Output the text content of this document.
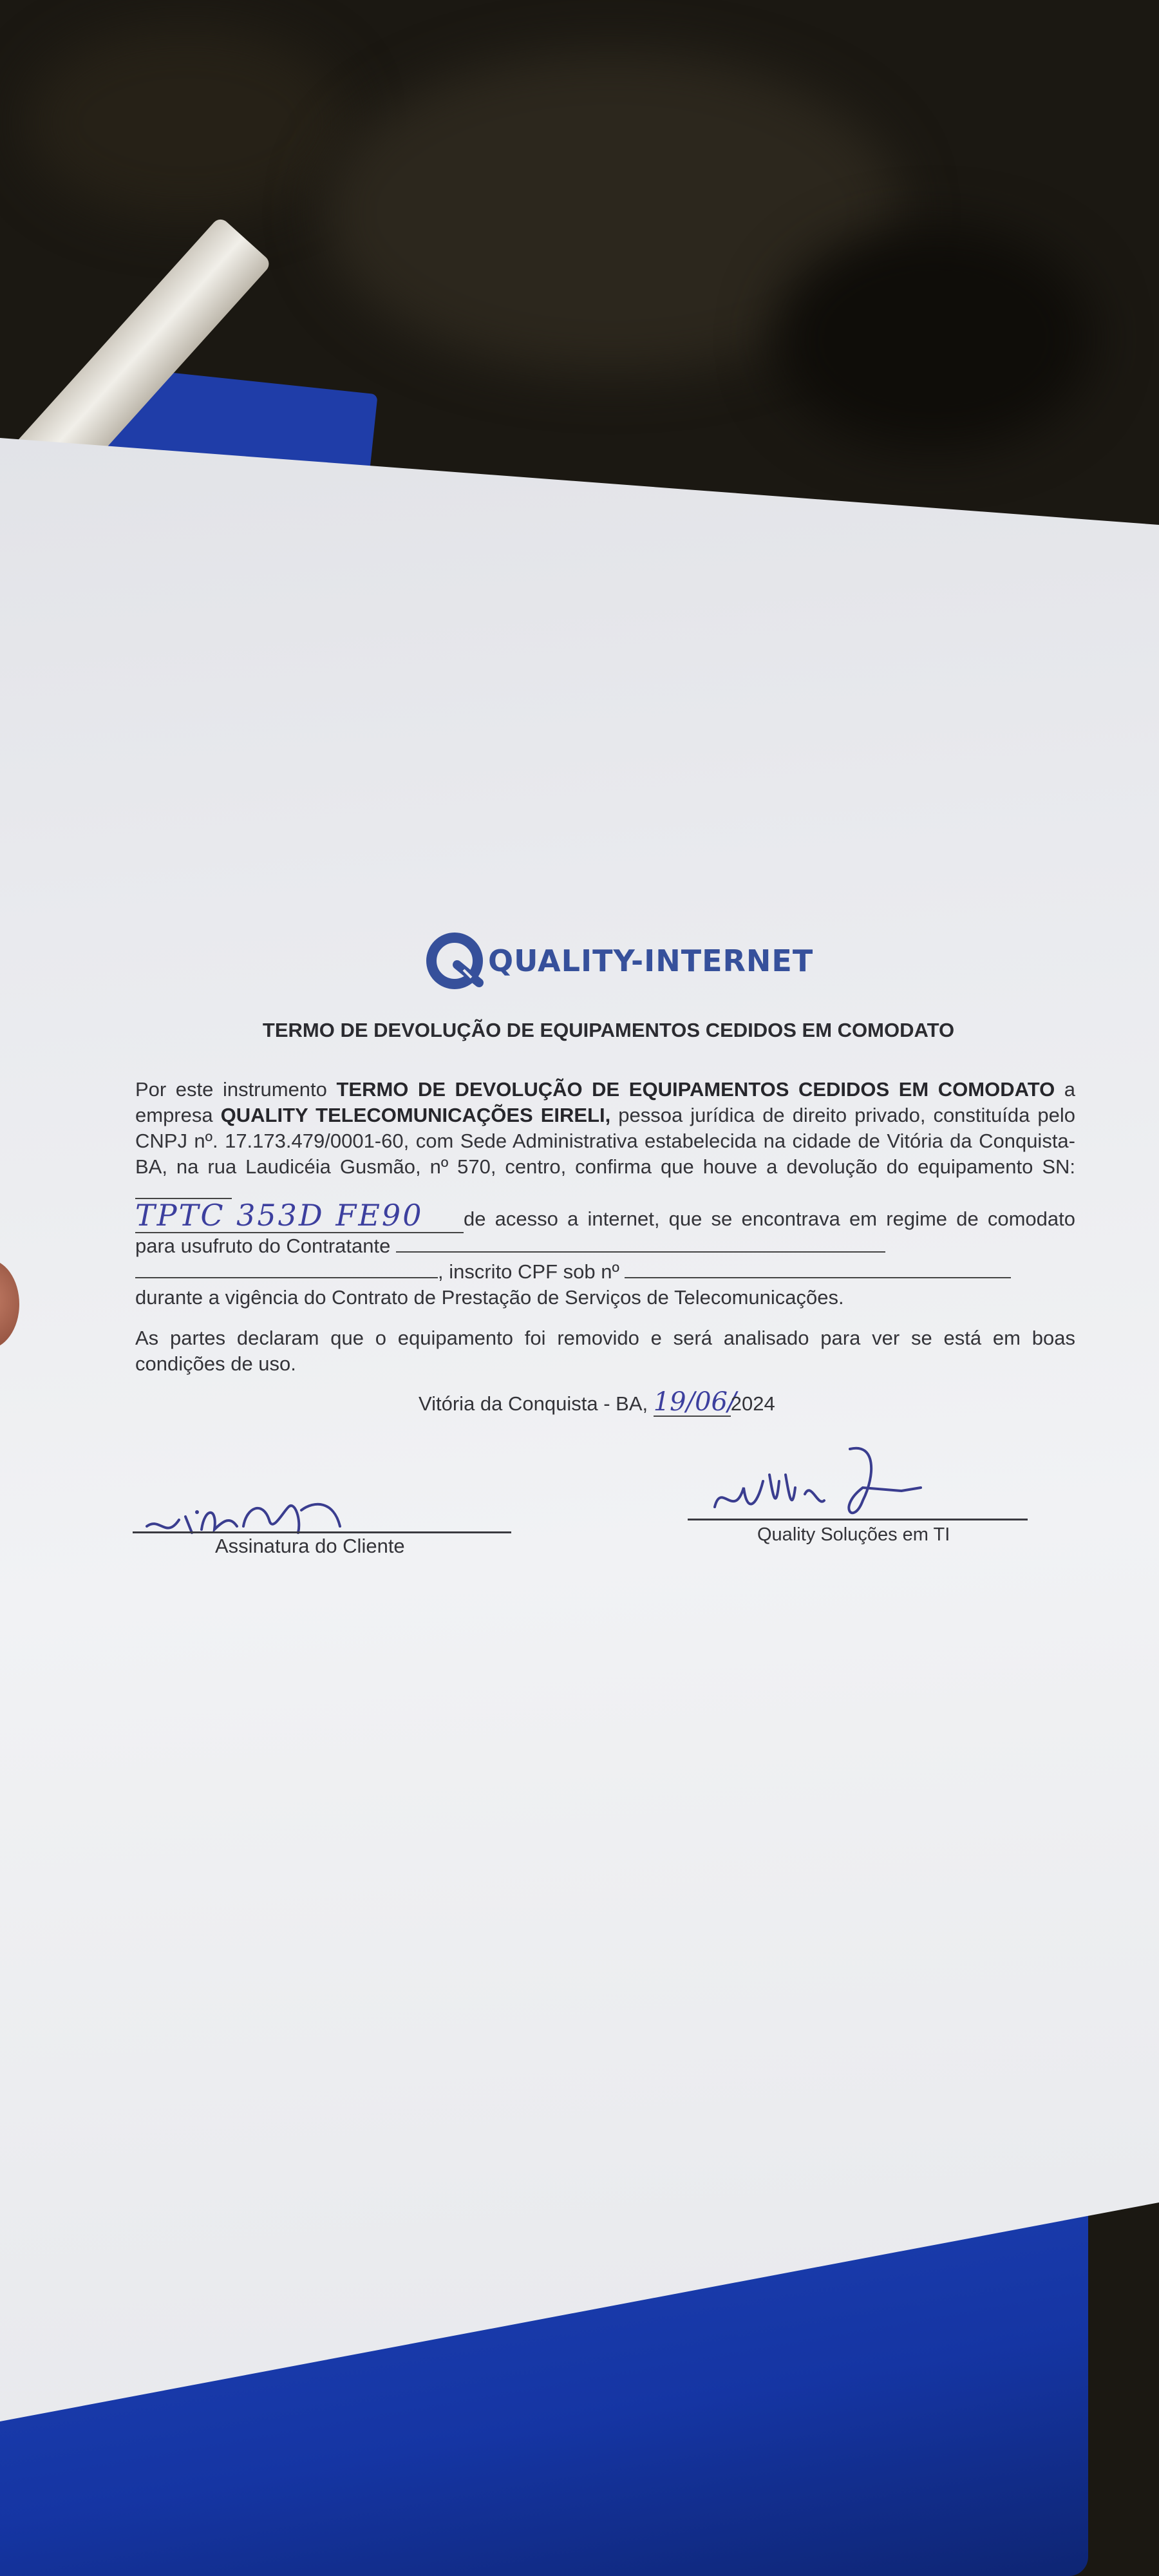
QUALITY-INTERNET
TERMO DE DEVOLUÇÃO DE EQUIPAMENTOS CEDIDOS EM COMODATO
Por este instrumento TERMO DE DEVOLUÇÃO DE EQUIPAMENTOS CEDIDOS EM COMODATO a empresa QUALITY TELECOMUNICAÇÕES EIRELI, pessoa jurídica de direito privado, constituída pelo CNPJ nº. 17.173.479/0001-60, com Sede Administrativa estabelecida na cidade de Vitória da Conquista-BA, na rua Laudicéia Gusmão, nº 570, centro, confirma que houve a devolução do equipamento SN:
TPTC 353D FE90 de acesso a internet, que se encontrava em regime de comodato para usufruto do Contratante
, inscrito CPF sob nº
durante a vigência do Contrato de Prestação de Serviços de Telecomunicações.
As partes declaram que o equipamento foi removido e será analisado para ver se está em boas condições de uso.
Vitória da Conquista - BA, 19/06/2024
Assinatura do Cliente	Quality Soluções em TI
